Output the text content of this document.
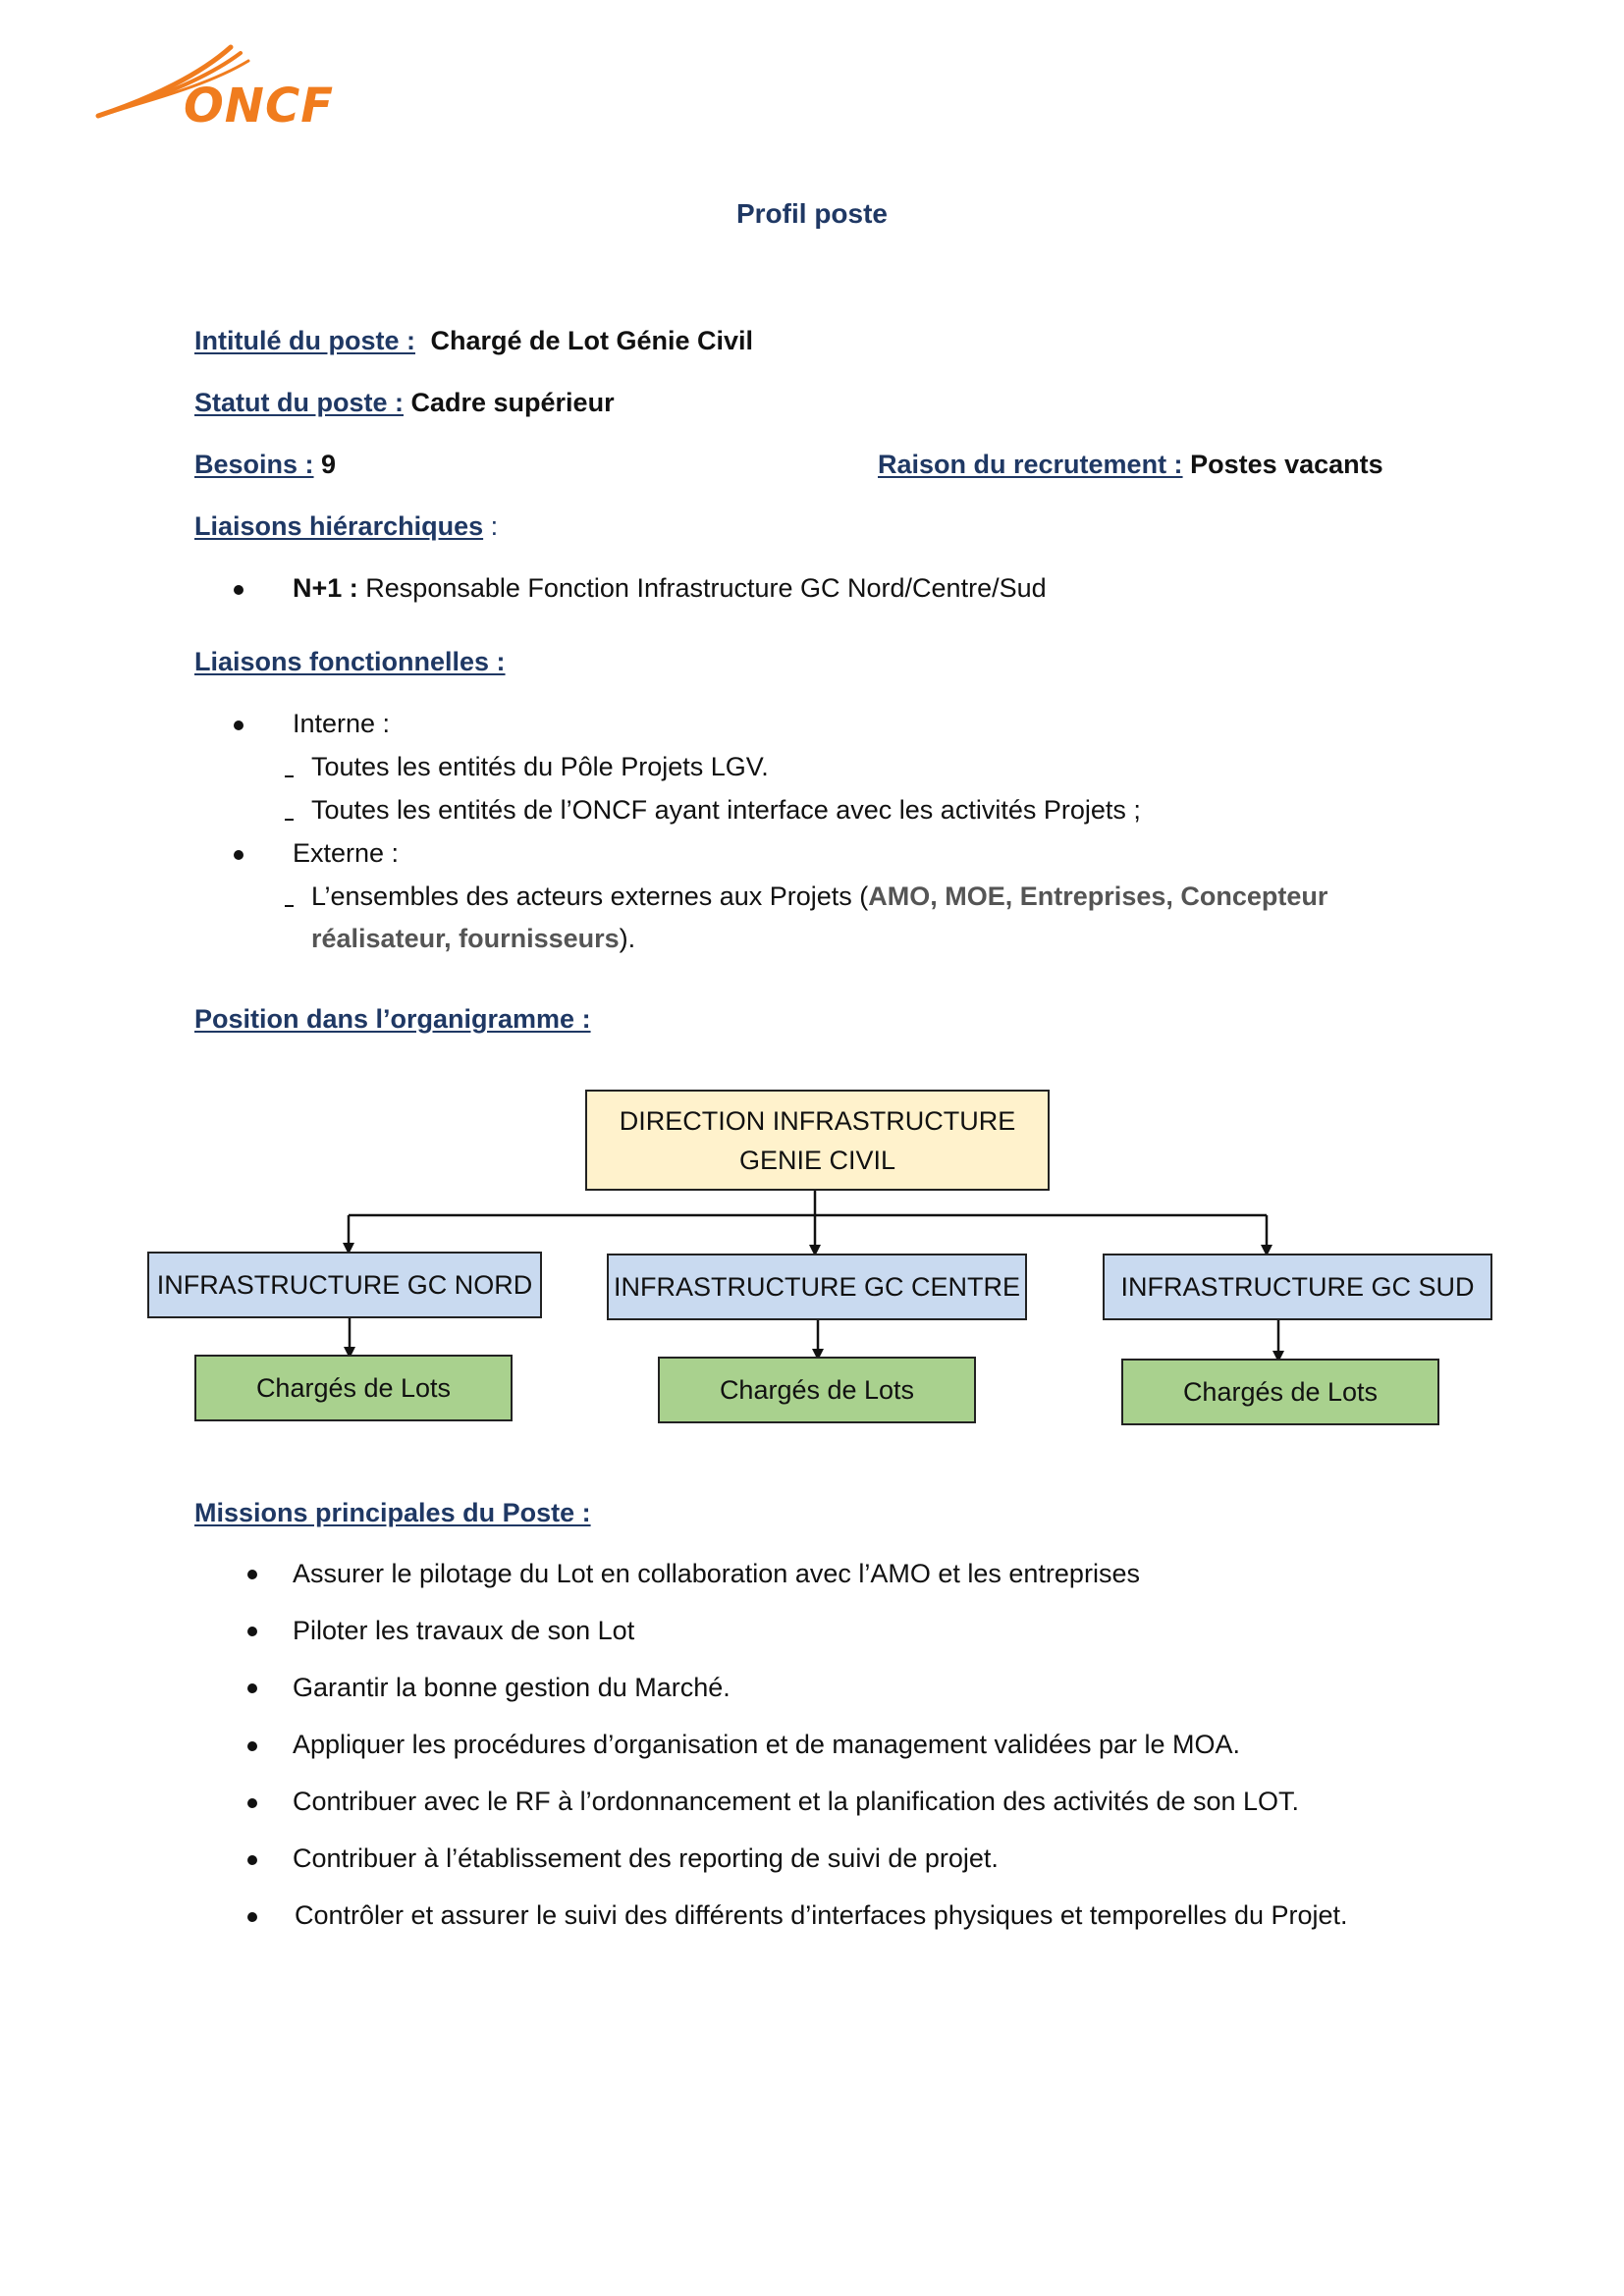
ONCF
Profil poste
Intitulé du poste : Chargé de Lot Génie Civil
Statut du poste : Cadre supérieur
Besoins : 9	Raison du recrutement : Postes vacants
Liaisons hiérarchiques :
N+1 : Responsable Fonction Infrastructure GC Nord/Centre/Sud
Liaisons fonctionnelles :
Interne :
Toutes les entités du Pôle Projets LGV.
Toutes les entités de l’ONCF ayant interface avec les activités Projets ;
Externe :
L’ensembles des acteurs externes aux Projets (AMO, MOE, Entreprises, Concepteur
réalisateur, fournisseurs).
Position dans l’organigramme :
DIRECTION INFRASTRUCTURE
GENIE CIVIL
INFRASTRUCTURE GC NORD	INFRASTRUCTURE GC CENTRE	INFRASTRUCTURE GC SUD
Chargés de Lots	Chargés de Lots	Chargés de Lots
Missions principales du Poste :
Assurer le pilotage du Lot en collaboration avec l’AMO et les entreprises
Piloter les travaux de son Lot
Garantir la bonne gestion du Marché.
Appliquer les procédures d’organisation et de management validées par le MOA.
Contribuer avec le RF à l’ordonnancement et la planification des activités de son LOT.
Contribuer à l’établissement des reporting de suivi de projet.
Contrôler et assurer le suivi des différents d’interfaces physiques et temporelles du Projet.
